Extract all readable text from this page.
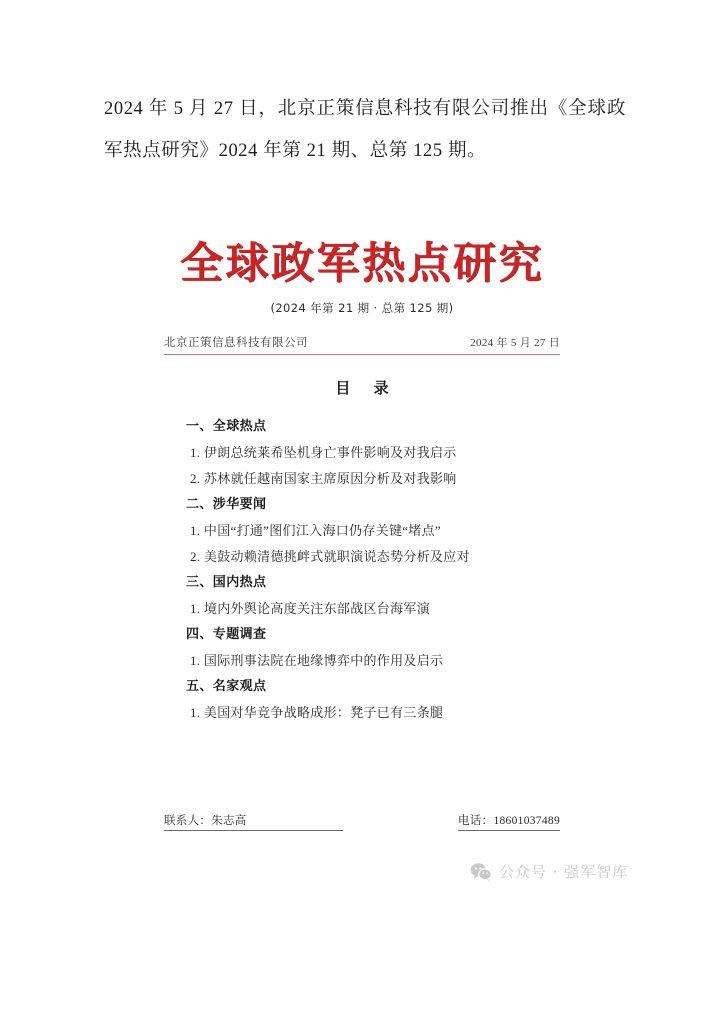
2024 年 5 月 27 日，北京正策信息科技有限公司推出《全球政军热点研究》2024 年第 21 期、总第 125 期。
全球政军热点研究
(2024 年第 21 期 · 总第 125 期)
北京正策信息科技有限公司	2024 年 5 月 27 日
目 录
一、全球热点
1. 伊朗总统莱希坠机身亡事件影响及对我启示
2. 苏林就任越南国家主席原因分析及对我影响
二、涉华要闻
1. 中国“打通”图们江入海口仍存关键“堵点”
2. 美鼓动赖清德挑衅式就职演说态势分析及应对
三、国内热点
1. 境内外舆论高度关注东部战区台海军演
四、专题调查
1. 国际刑事法院在地缘博弈中的作用及启示
五、名家观点
1. 美国对华竞争战略成形：凳子已有三条腿
联系人：朱志高	电话：18601037489
公众号 · 强军智库
